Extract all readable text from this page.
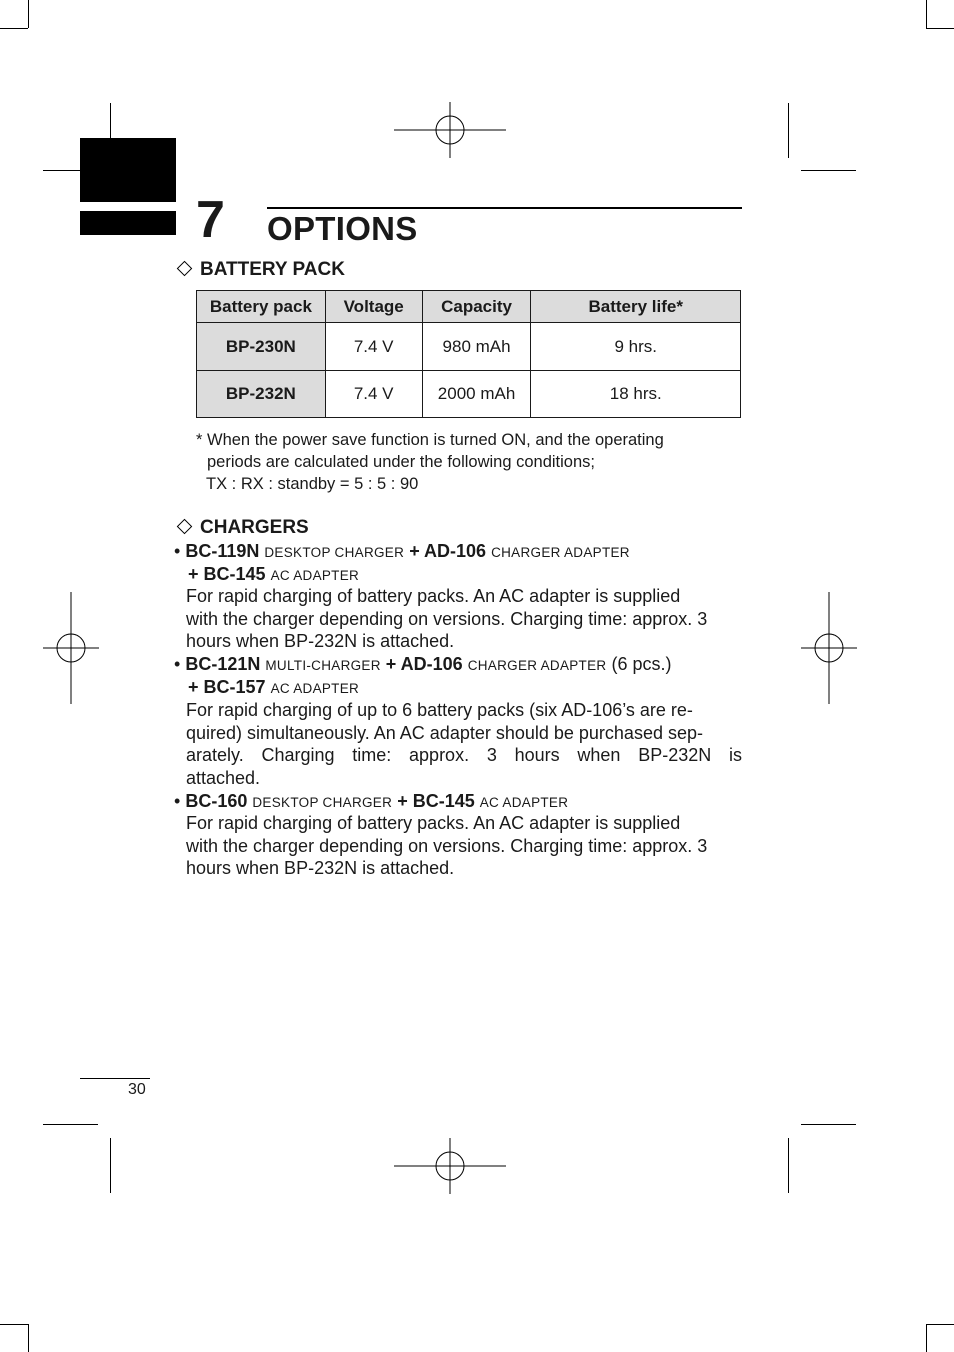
7 OPTIONS
BATTERY PACK
Battery pack	Voltage	Capacity	Battery life*
BP-230N	7.4 V	980 mAh	9 hrs.
BP-232N	7.4 V	2000 mAh	18 hrs.
* When the power save function is turned ON, and the operating
periods are calculated under the following conditions;
TX : RX : standby = 5 : 5 : 90
CHARGERS
• BC-119N DESKTOP CHARGER + AD-106 CHARGER ADAPTER
+ BC-145 AC ADAPTER
For rapid charging of battery packs. An AC adapter is supplied
with the charger depending on versions. Charging time: approx. 3
hours when BP-232N is attached.
• BC-121N MULTI-CHARGER + AD-106 CHARGER ADAPTER (6 pcs.)
+ BC-157 AC ADAPTER
For rapid charging of up to 6 battery packs (six AD-106’s are re-
quired) simultaneously. An AC adapter should be purchased sep-
arately. Charging time: approx. 3 hours when BP-232N is
attached.
• BC-160 DESKTOP CHARGER + BC-145 AC ADAPTER
For rapid charging of battery packs. An AC adapter is supplied
with the charger depending on versions. Charging time: approx. 3
hours when BP-232N is attached.
30
